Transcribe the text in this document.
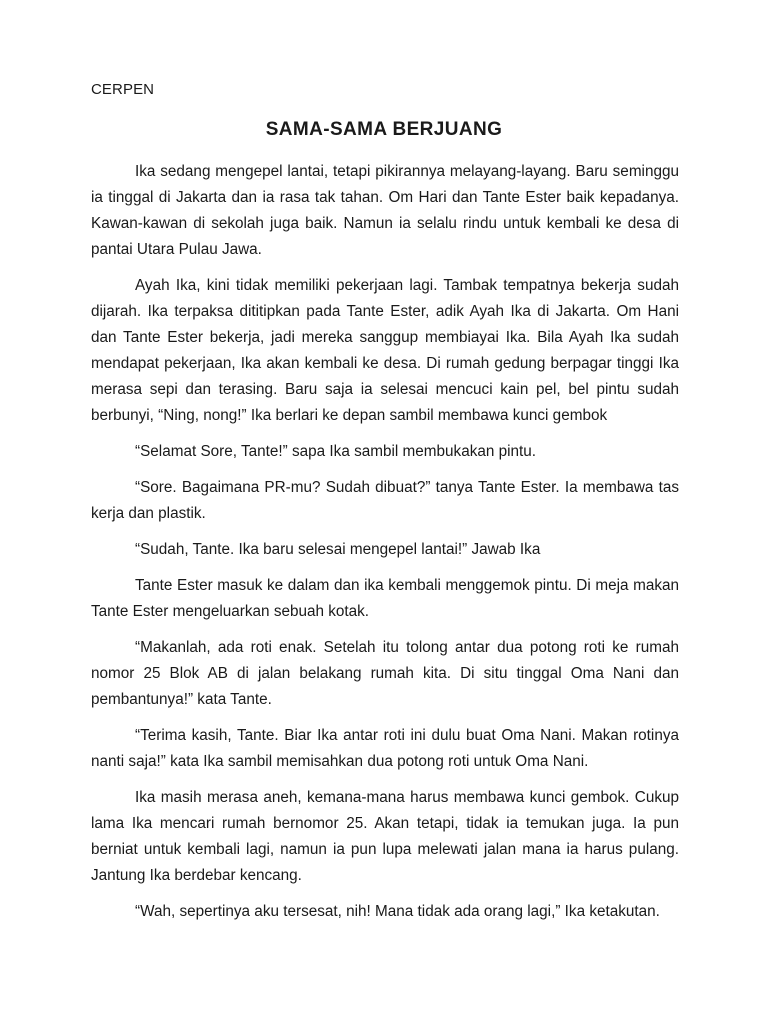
CERPEN
SAMA-SAMA BERJUANG

Ika sedang mengepel lantai, tetapi pikirannya melayang-layang. Baru seminggu ia tinggal di Jakarta dan ia rasa tak tahan. Om Hari dan Tante Ester baik kepadanya. Kawan-kawan di sekolah juga baik. Namun ia selalu rindu untuk kembali ke desa di pantai Utara Pulau Jawa.

Ayah Ika, kini tidak memiliki pekerjaan lagi. Tambak tempatnya bekerja sudah dijarah. Ika terpaksa dititipkan pada Tante Ester, adik Ayah Ika di Jakarta. Om Hani dan Tante Ester bekerja, jadi mereka sanggup membiayai Ika. Bila Ayah Ika sudah mendapat pekerjaan, Ika akan kembali ke desa. Di rumah gedung berpagar tinggi Ika merasa sepi dan terasing. Baru saja ia selesai mencuci kain pel, bel pintu sudah berbunyi, “Ning, nong!” Ika berlari ke depan sambil membawa kunci gembok

“Selamat Sore, Tante!” sapa Ika sambil membukakan pintu.

“Sore. Bagaimana PR-mu? Sudah dibuat?” tanya Tante Ester. Ia membawa tas kerja dan plastik.

“Sudah, Tante. Ika baru selesai mengepel lantai!” Jawab Ika

Tante Ester masuk ke dalam dan ika kembali menggemok pintu. Di meja makan Tante Ester mengeluarkan sebuah kotak.

“Makanlah, ada roti enak. Setelah itu tolong antar dua potong roti ke rumah nomor 25 Blok AB di jalan belakang rumah kita. Di situ tinggal Oma Nani dan pembantunya!” kata Tante.

“Terima kasih, Tante. Biar Ika antar roti ini dulu buat Oma Nani. Makan rotinya nanti saja!” kata Ika sambil memisahkan dua potong roti untuk Oma Nani.

Ika masih merasa aneh, kemana-mana harus membawa kunci gembok. Cukup lama Ika mencari rumah bernomor 25. Akan tetapi, tidak ia temukan juga. Ia pun berniat untuk kembali lagi, namun ia pun lupa melewati jalan mana ia harus pulang. Jantung Ika berdebar kencang.

“Wah, sepertinya aku tersesat, nih! Mana tidak ada orang lagi,” Ika ketakutan.
